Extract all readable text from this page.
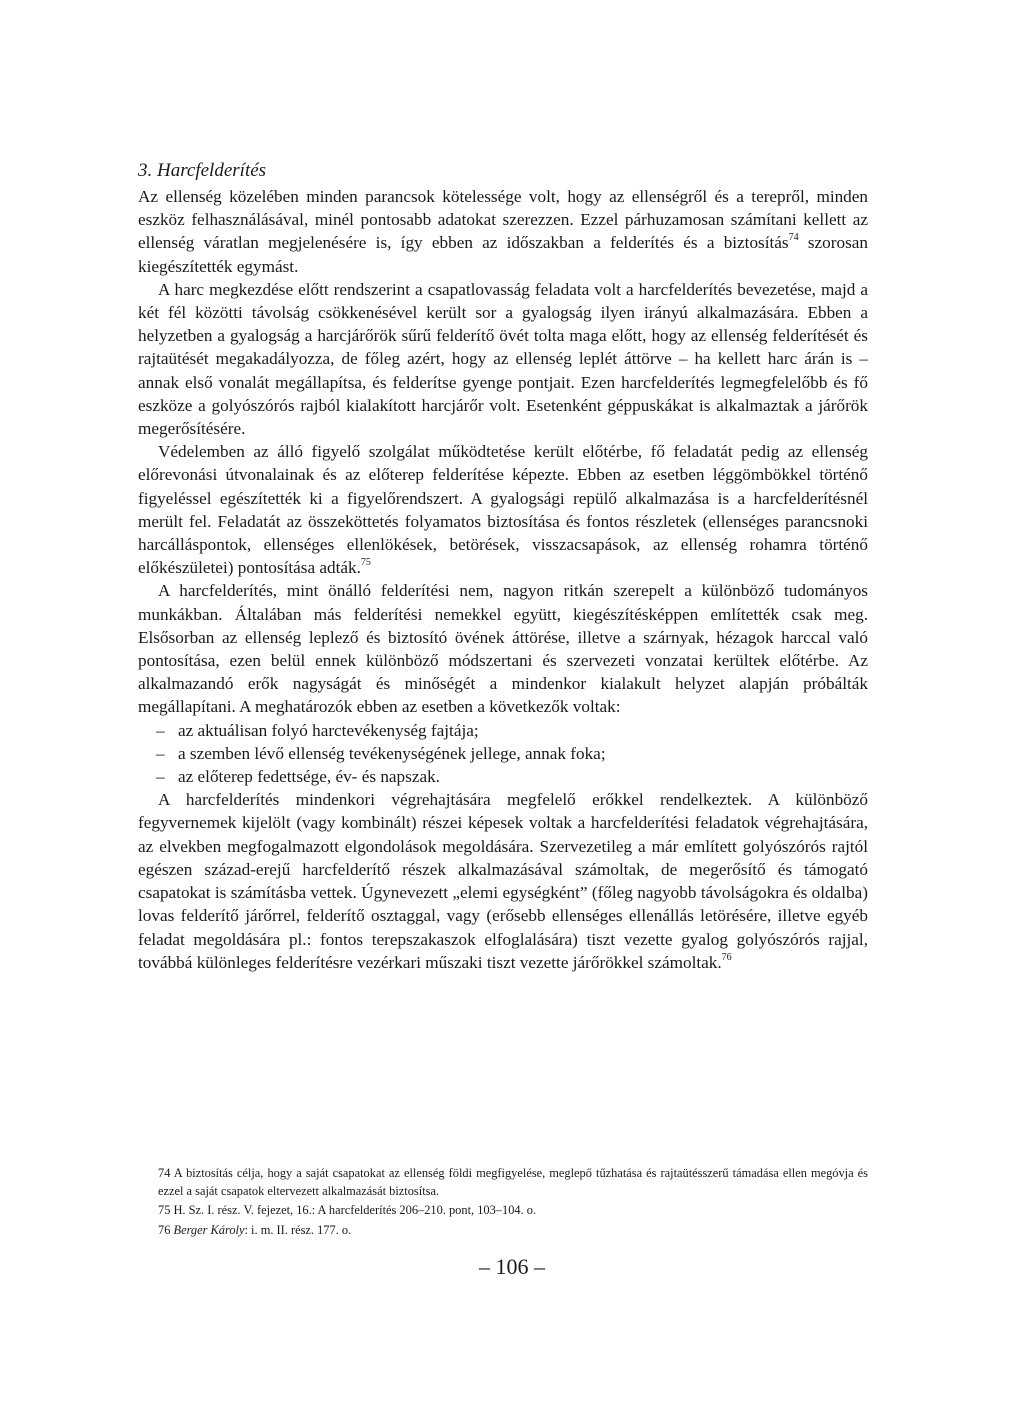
3. Harcfelderítés

Az ellenség közelében minden parancsok kötelessége volt, hogy az ellenségről és a terepről, minden eszköz felhasználásával, minél pontosabb adatokat szerezzen. Ezzel párhuzamosan számítani kellett az ellenség váratlan megjelenésére is, így ebben az időszakban a felderítés és a biztosítás$^{74}$ szorosan kiegészítették egymást.

A harc megkezdése előtt rendszerint a csapatlovasság feladata volt a harcfelderítés bevezetése, majd a két fél közötti távolság csökkenésével került sor a gyalogság ilyen irányú alkalmazására. Ebben a helyzetben a gyalogság a harcjárőrök sűrű felderítő övét tolta maga előtt, hogy az ellenség felderítését és rajtaütését megakadályozza, de főleg azért, hogy az ellenség leplét áttörve – ha kellett harc árán is – annak első vonalát megállapítsa, és felderítse gyenge pontjait. Ezen harcfelderítés legmegfelelőbb és fő eszköze a golyószórós rajból kialakított harcjárőr volt. Esetenként géppuskákat is alkalmaztak a járőrök megerősítésére.

Védelemben az álló figyelő szolgálat működtetése került előtérbe, fő feladatát pedig az ellenség előrevonási útvonalainak és az előterep felderítése képezte. Ebben az esetben léggömbökkel történő figyeléssel egészítették ki a figyelőrendszert. A gyalogsági repülő alkalmazása is a harcfelderítésnél merült fel. Feladatát az összeköttetés folyamatos biztosítása és fontos részletek (ellenséges parancsnoki harcálláspontok, ellenséges ellenlökések, betörések, visszacsapások, az ellenség rohamra történő előkészületei) pontosítása adták.$^{75}$

A harcfelderítés, mint önálló felderítési nem, nagyon ritkán szerepelt a különböző tudományos munkákban. Általában más felderítési nemekkel együtt, kiegészítésképpen említették csak meg. Elsősorban az ellenség leplező és biztosító övének áttörése, illetve a szárnyak, hézagok harccal való pontosítása, ezen belül ennek különböző módszertani és szervezeti vonzatai kerültek előtérbe. Az alkalmazandó erők nagyságát és minőségét a mindenkor kialakult helyzet alapján próbálták megállapítani. A meghatározók ebben az esetben a következők voltak:

– az aktuálisan folyó harctevékenység fajtája;
– a szemben lévő ellenség tevékenységének jellege, annak foka;
– az előterep fedettsége, év- és napszak.

A harcfelderítés mindenkori végrehajtására megfelelő erőkkel rendelkeztek. A különböző fegyvernemek kijelölt (vagy kombinált) részei képesek voltak a harcfelderítési feladatok végrehajtására, az elvekben megfogalmazott elgondolások megoldására. Szervezetileg a már említett golyószórós rajtól egészen század-erejű harcfelderítő részek alkalmazásával számoltak, de megerősítő és támogató csapatokat is számításba vettek. Úgynevezett „elemi egységként” (főleg nagyobb távolságokra és oldalba) lovas felderítő járőrrel, felderítő osztaggal, vagy (erősebb ellenséges ellenállás letörésére, illetve egyéb feladat megoldására pl.: fontos terepszakaszok elfoglalására) tiszt vezette gyalog golyószórós rajjal, továbbá különleges felderítésre vezérkari műszaki tiszt vezette járőrökkel számoltak.$^{76}$

74 A biztosítás célja, hogy a saját csapatokat az ellenség földi megfigyelése, meglepő tűzhatása és rajtaütésszerű támadása ellen megóvja és ezzel a saját csapatok eltervezett alkalmazását biztosítsa.

75 H. Sz. I. rész. V. fejezet, 16.: A harcfelderítés 206–210. pont, 103–104. o.

76 Berger Károly: i. m. II. rész. 177. o.

– 106 –
